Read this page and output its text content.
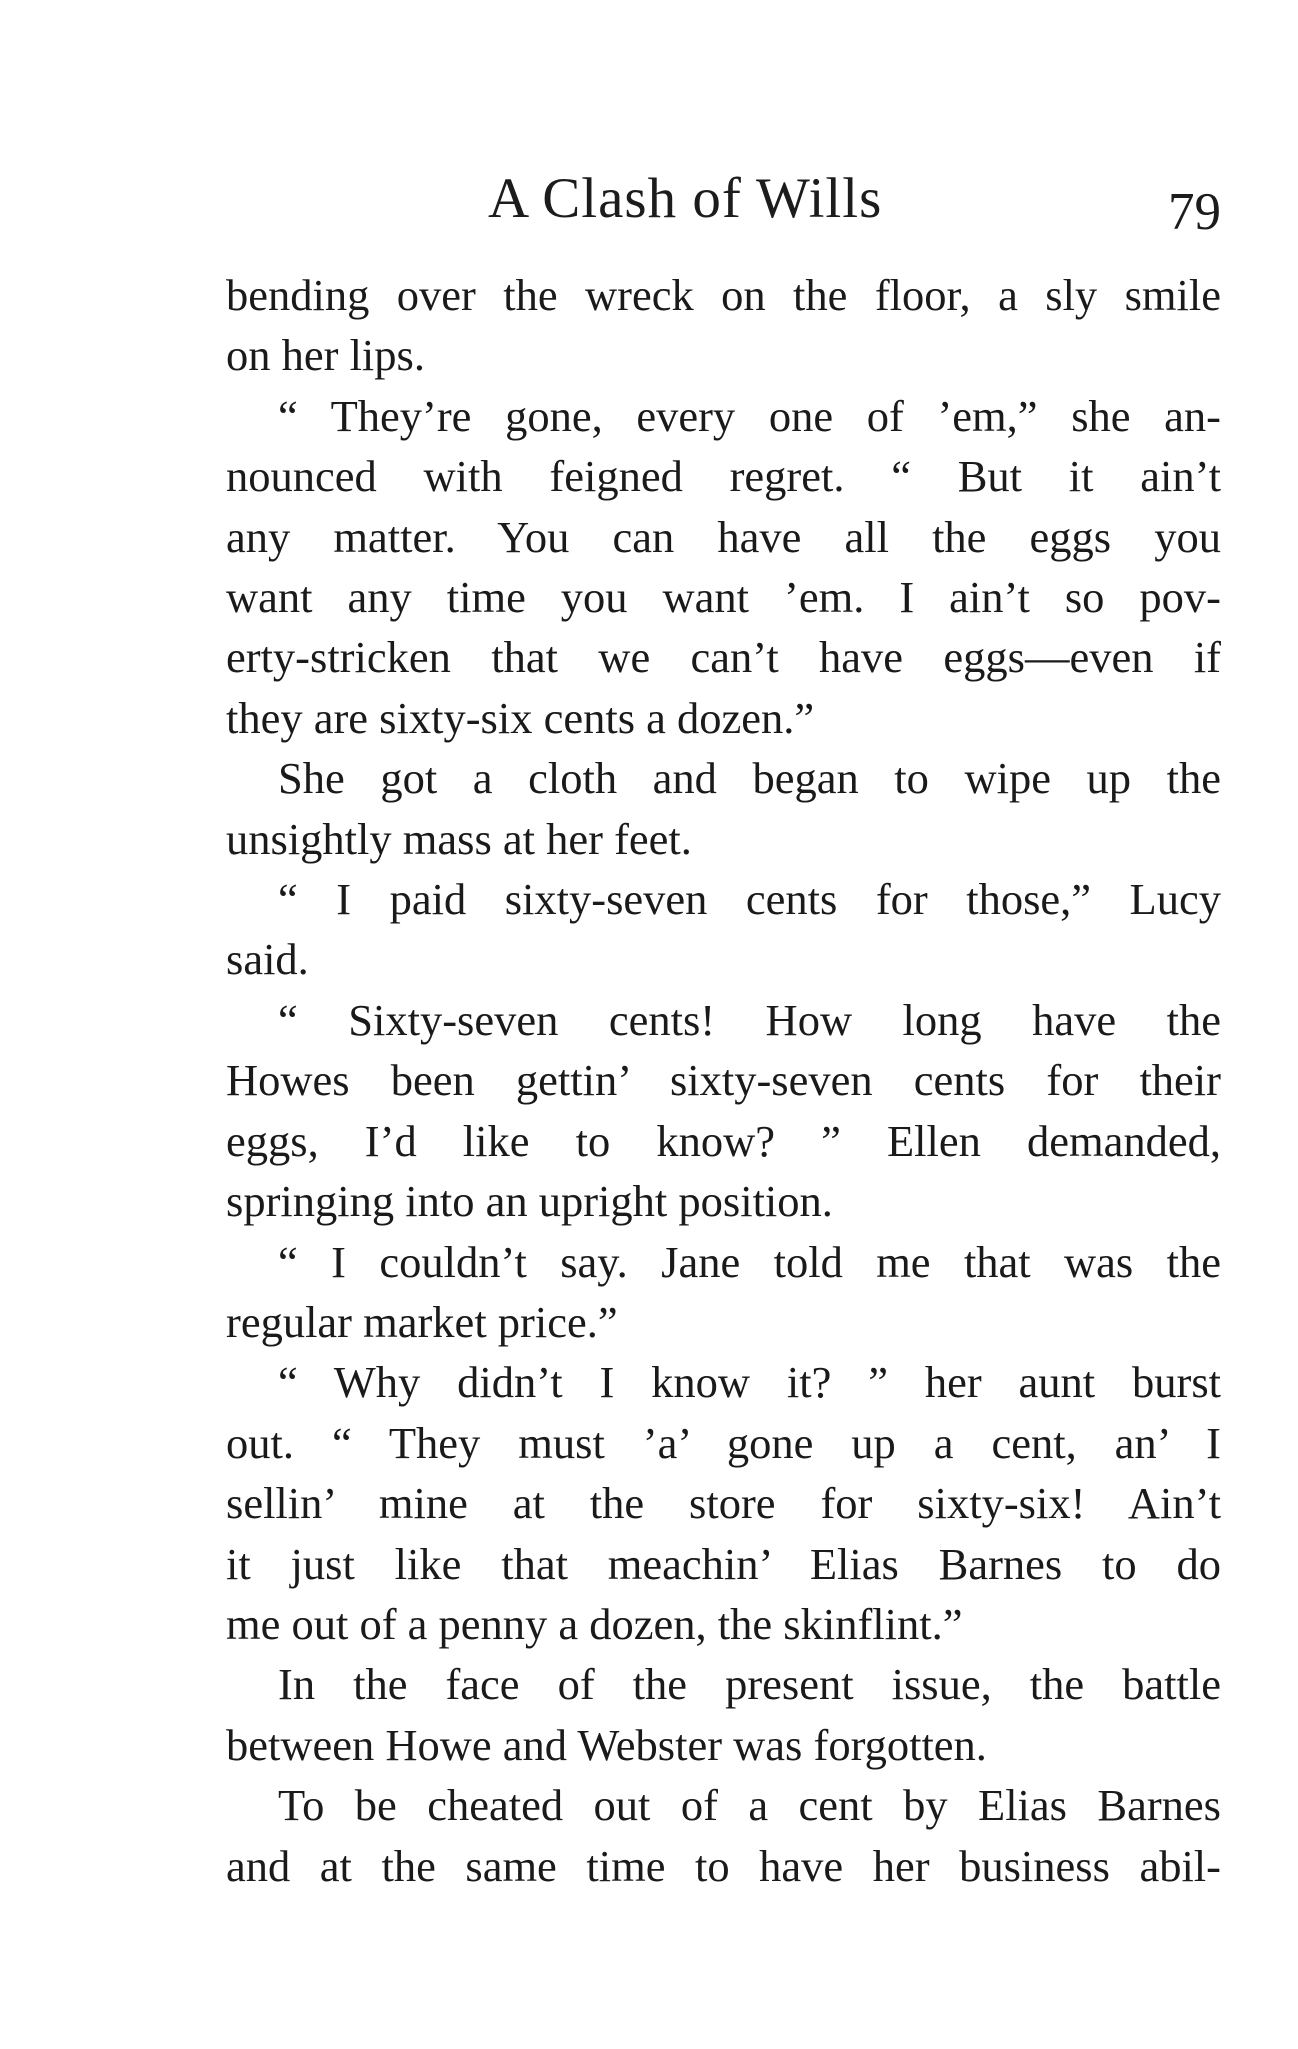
A Clash of Wills	79
bending over the wreck on the floor, a sly smile
on her lips.
“ They’re gone, every one of ’em,” she an-
nounced with feigned regret. “ But it ain’t
any matter. You can have all the eggs you
want any time you want ’em. I ain’t so pov-
erty-stricken that we can’t have eggs—even if
they are sixty-six cents a dozen.”
She got a cloth and began to wipe up the
unsightly mass at her feet.
“ I paid sixty-seven cents for those,” Lucy
said.
“ Sixty-seven cents! How long have the
Howes been gettin’ sixty-seven cents for their
eggs, I’d like to know? ” Ellen demanded,
springing into an upright position.
“ I couldn’t say. Jane told me that was the
regular market price.”
“ Why didn’t I know it? ” her aunt burst
out. “ They must ’a’ gone up a cent, an’ I
sellin’ mine at the store for sixty-six! Ain’t
it just like that meachin’ Elias Barnes to do
me out of a penny a dozen, the skinflint.”
In the face of the present issue, the battle
between Howe and Webster was forgotten.
To be cheated out of a cent by Elias Barnes
and at the same time to have her business abil-
